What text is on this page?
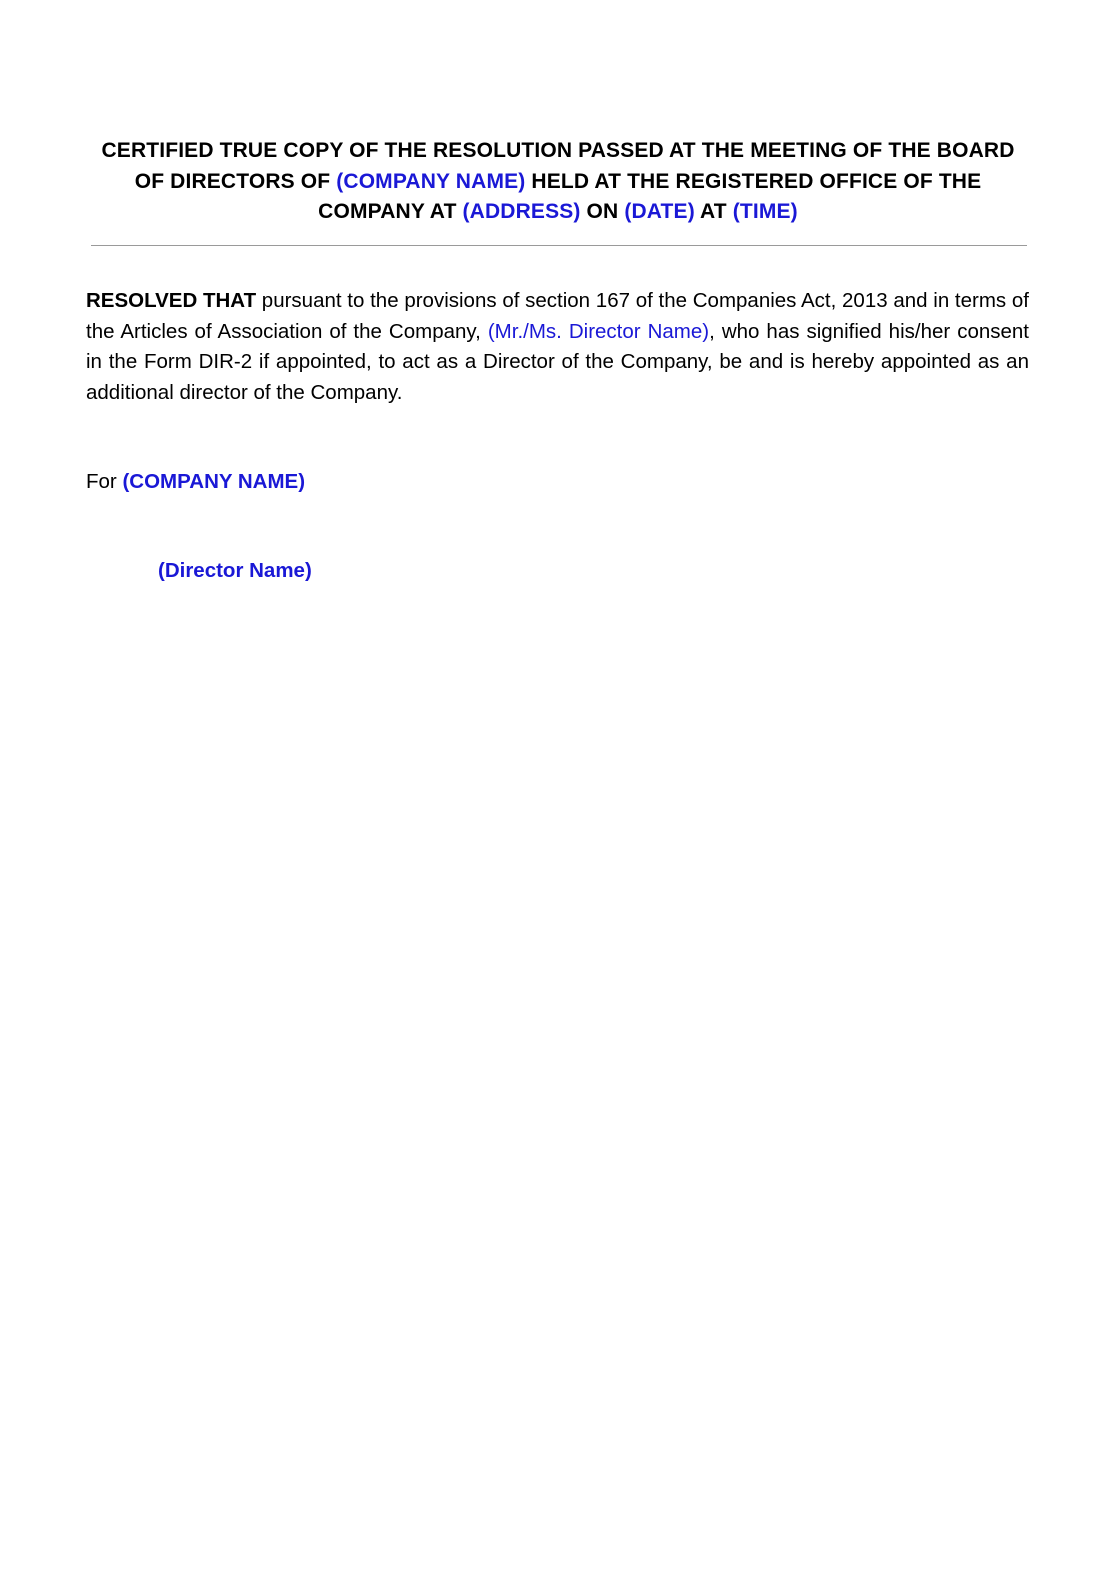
CERTIFIED TRUE COPY OF THE RESOLUTION PASSED AT THE MEETING OF THE BOARD OF DIRECTORS OF (COMPANY NAME) HELD AT THE REGISTERED OFFICE OF THE COMPANY AT (ADDRESS) ON (DATE) AT (TIME)
RESOLVED THAT pursuant to the provisions of section 167 of the Companies Act, 2013 and in terms of the Articles of Association of the Company, (Mr./Ms. Director Name), who has signified his/her consent in the Form DIR-2 if appointed, to act as a Director of the Company, be and is hereby appointed as an additional director of the Company.
For (COMPANY NAME)
(Director Name)
